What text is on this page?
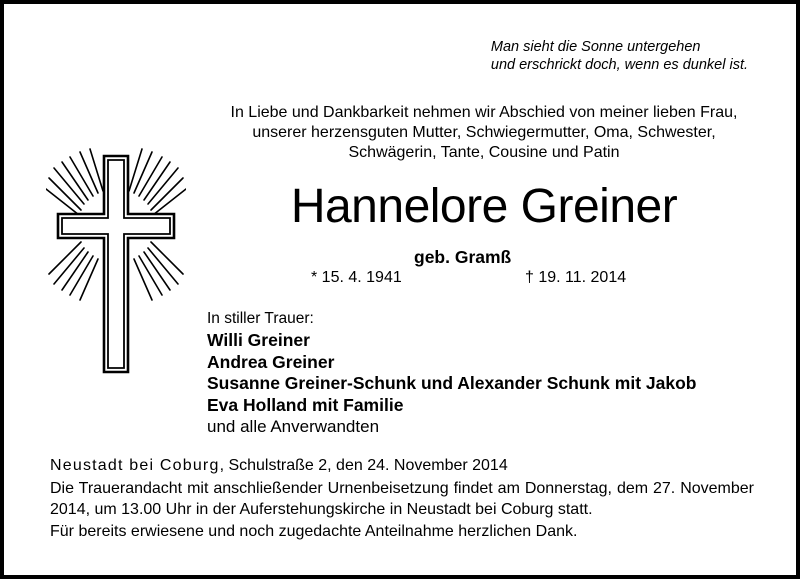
Man sieht die Sonne untergehen
und erschrickt doch, wenn es dunkel ist.
In Liebe und Dankbarkeit nehmen wir Abschied von meiner lieben Frau,
unserer herzensguten Mutter, Schwiegermutter, Oma, Schwester,
Schwägerin, Tante, Cousine und Patin
Hannelore Greiner
geb. Gramß
* 15. 4. 1941	† 19. 11. 2014
In stiller Trauer:
Willi Greiner
Andrea Greiner
Susanne Greiner-Schunk und Alexander Schunk mit Jakob
Eva Holland mit Familie
und alle Anverwandten
Neustadt bei Coburg, Schulstraße 2, den 24. November 2014
Die Trauerandacht mit anschließender Urnenbeisetzung findet am Donnerstag, dem 27. November 2014, um 13.00 Uhr in der Auferstehungskirche in Neustadt bei Coburg statt.
Für bereits erwiesene und noch zugedachte Anteilnahme herzlichen Dank.
